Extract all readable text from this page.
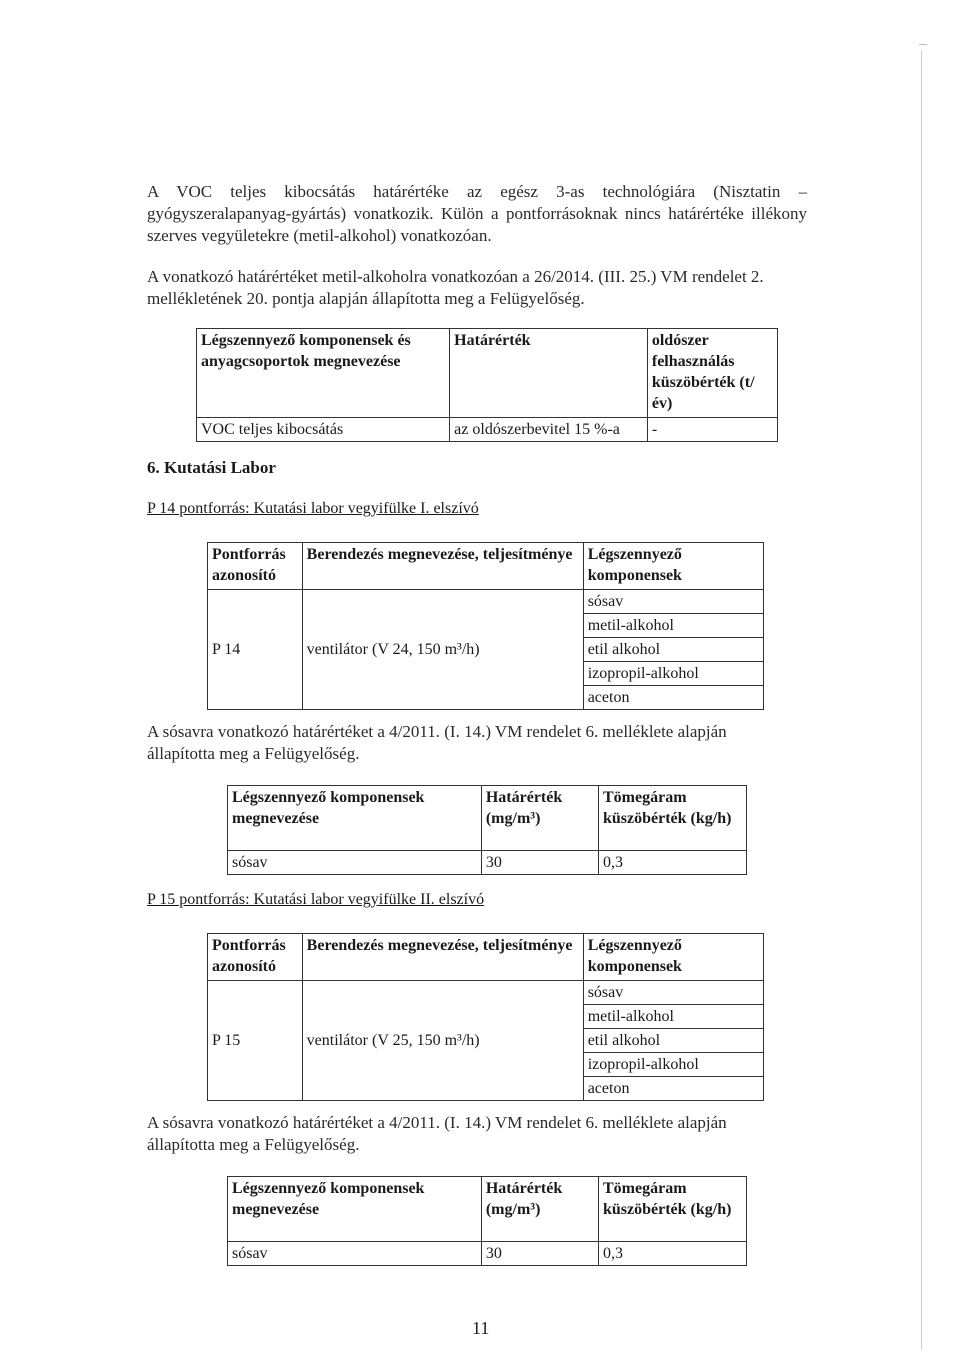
A VOC teljes kibocsátás határértéke az egész 3-as technológiára (Nisztatin – gyógyszeralapanyag-gyártás) vonatkozik. Külön a pontforrásoknak nincs határértéke illékony szerves vegyületekre (metil-alkohol) vonatkozóan.

A vonatkozó határértéket metil-alkoholra vonatkozóan a 26/2014. (III. 25.) VM rendelet 2.

mellékletének 20. pontja alapján állapította meg a Felügyelőség.

Légszennyező komponensek és anyagcsoportok megnevezése	Határérték	oldószer felhasználás küszöbérték (t/év)
VOC teljes kibocsátás	az oldószerbevitel 15 %-a	-
6. Kutatási Labor
P 14 pontforrás: Kutatási labor vegyifülke I. elszívó
Pontforrás azonosító	Berendezés megnevezése, teljesítménye	Légszennyező komponensek
P 14	ventilátor (V 24, 150 m³/h)	sósav
		metil-alkohol
		etil alkohol
		izopropil-alkohol
		aceton

A sósavra vonatkozó határértéket a 4/2011. (I. 14.) VM rendelet 6. melléklete alapján állapította meg a Felügyelőség.

Légszennyező komponensek megnevezése	Határérték (mg/m³)	Tömegáram küszöbérték (kg/h)
sósav	30	0,3
P 15 pontforrás: Kutatási labor vegyifülke II. elszívó
Pontforrás azonosító	Berendezés megnevezése, teljesítménye	Légszennyező komponensek
P 15	ventilátor (V 25, 150 m³/h)	sósav
		metil-alkohol
		etil alkohol
		izopropil-alkohol
		aceton

A sósavra vonatkozó határértéket a 4/2011. (I. 14.) VM rendelet 6. melléklete alapján állapította meg a Felügyelőség.

Légszennyező komponensek megnevezése	Határérték (mg/m³)	Tömegáram küszöbérték (kg/h)
sósav	30	0,3
11
